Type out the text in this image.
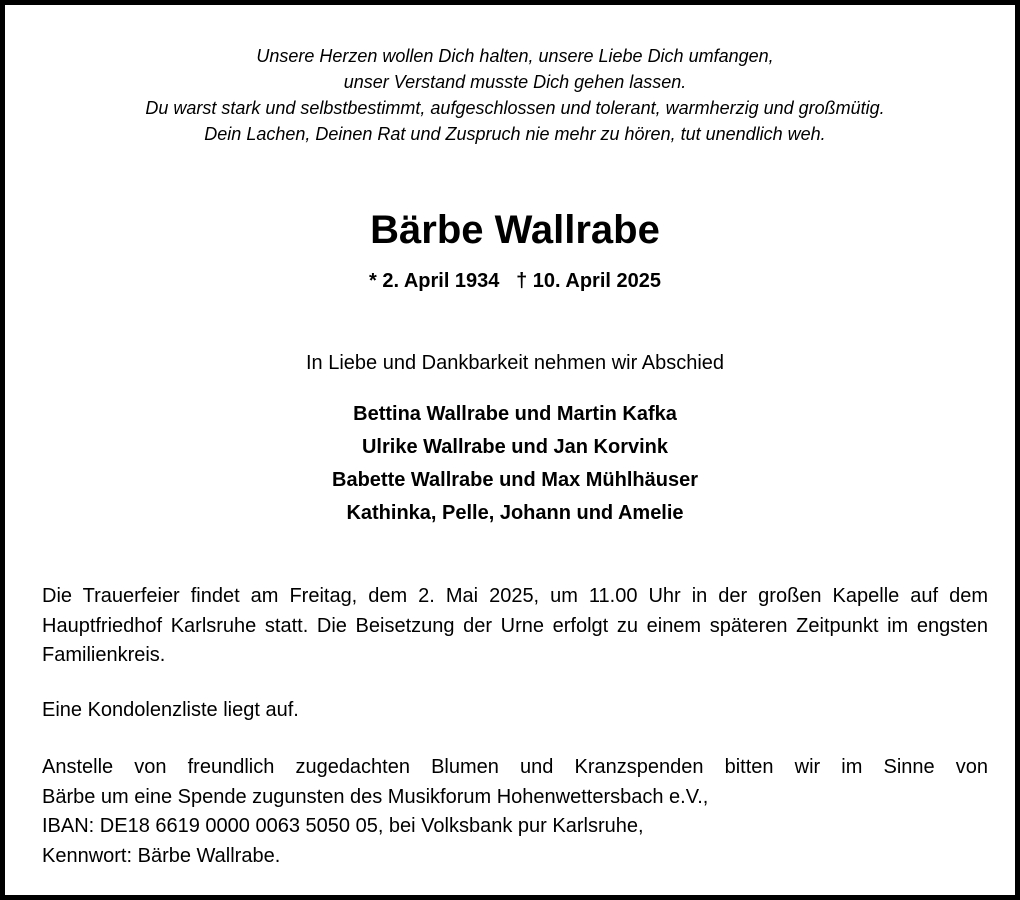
Unsere Herzen wollen Dich halten, unsere Liebe Dich umfangen,
unser Verstand musste Dich gehen lassen.
Du warst stark und selbstbestimmt, aufgeschlossen und tolerant, warmherzig und großmütig.
Dein Lachen, Deinen Rat und Zuspruch nie mehr zu hören, tut unendlich weh.
Bärbe Wallrabe
* 2. April 1934   † 10. April 2025
In Liebe und Dankbarkeit nehmen wir Abschied
Bettina Wallrabe und Martin Kafka
Ulrike Wallrabe und Jan Korvink
Babette Wallrabe und Max Mühlhäuser
Kathinka, Pelle, Johann und Amelie
Die Trauerfeier findet am Freitag, dem 2. Mai 2025, um 11.00 Uhr in der großen Kapelle auf dem Hauptfriedhof Karlsruhe statt. Die Beisetzung der Urne erfolgt zu einem späteren Zeitpunkt im engsten Familienkreis.
Eine Kondolenzliste liegt auf.
Anstelle von freundlich zugedachten Blumen und Kranzspenden bitten wir im Sinne von
Bärbe um eine Spende zugunsten des Musikforum Hohenwettersbach e.V.,
IBAN: DE18 6619 0000 0063 5050 05, bei Volksbank pur Karlsruhe,
Kennwort: Bärbe Wallrabe.
